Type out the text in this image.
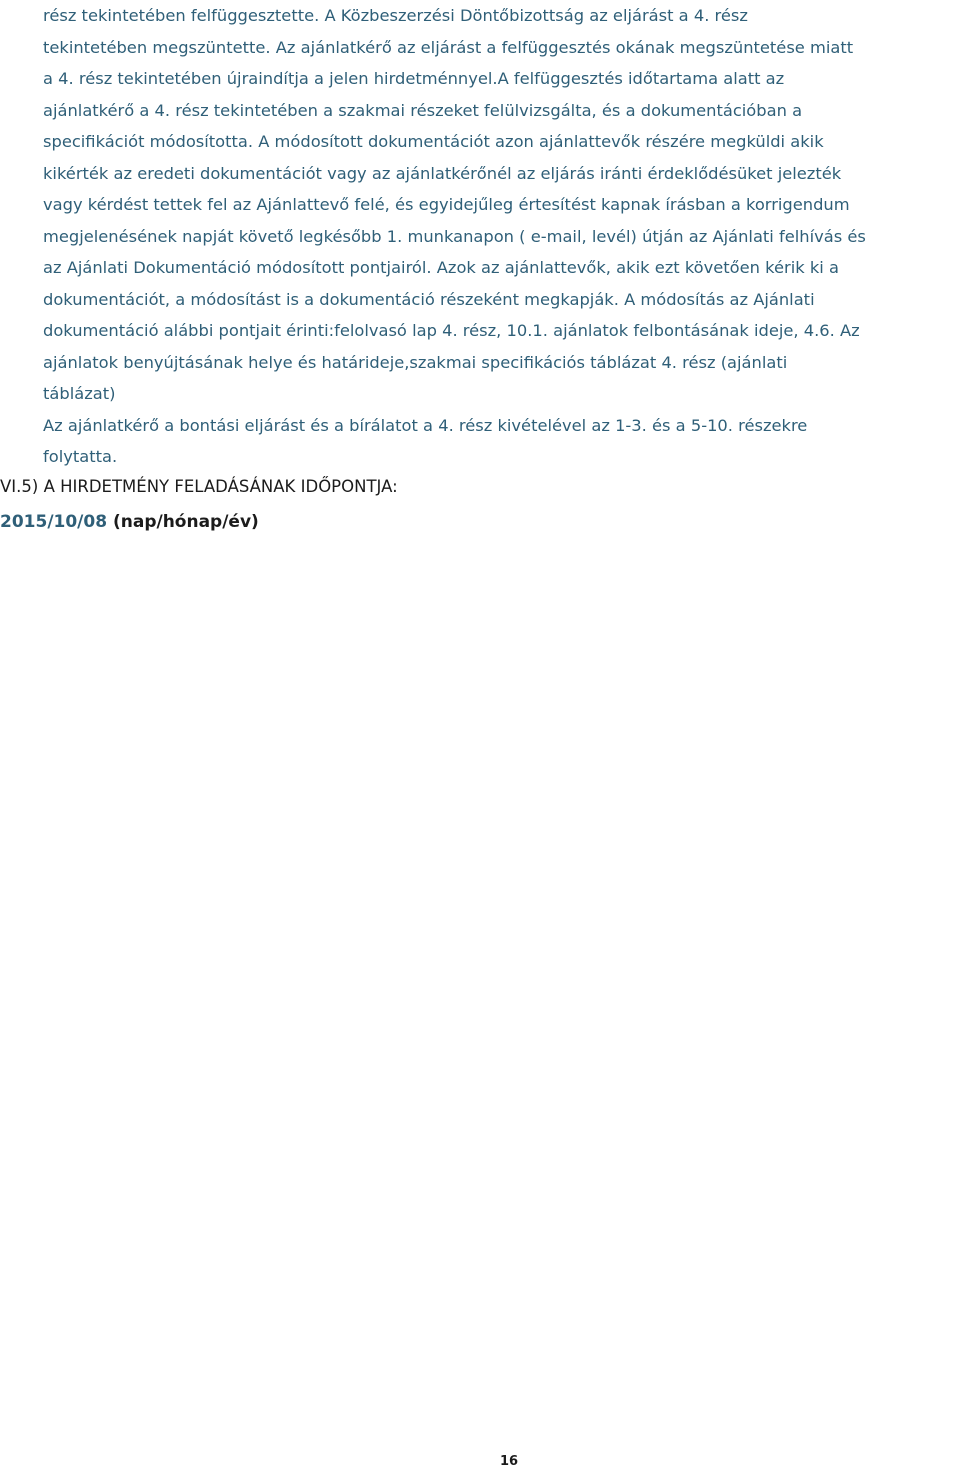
rész tekintetében felfüggesztette. A Közbeszerzési Döntőbizottság az eljárást a 4. rész
tekintetében megszüntette. Az ajánlatkérő az eljárást a felfüggesztés okának megszüntetése miatt
a 4. rész tekintetében újraindítja a jelen hirdetménnyel.A felfüggesztés időtartama alatt az
ajánlatkérő a 4. rész tekintetében a szakmai részeket felülvizsgálta, és a dokumentációban a
specifikációt módosította. A módosított dokumentációt azon ajánlattevők részére megküldi akik
kikérték az eredeti dokumentációt vagy az ajánlatkérőnél az eljárás iránti érdeklődésüket jelezték
vagy kérdést tettek fel az Ajánlattevő felé, és egyidejűleg értesítést kapnak írásban a korrigendum
megjelenésének napját követő legkésőbb 1. munkanapon ( e-mail, levél) útján az Ajánlati felhívás és
az Ajánlati Dokumentáció módosított pontjairól. Azok az ajánlattevők, akik ezt követően kérik ki a
dokumentációt, a módosítást is a dokumentáció részeként megkapják. A módosítás az Ajánlati
dokumentáció alábbi pontjait érinti:felolvasó lap 4. rész, 10.1. ajánlatok felbontásának ideje, 4.6. Az
ajánlatok benyújtásának helye és határideje,szakmai specifikációs táblázat 4. rész (ajánlati
táblázat)
Az ajánlatkérő a bontási eljárást és a bírálatot a 4. rész kivételével az 1-3. és a 5-10. részekre
folytatta.
VI.5) A HIRDETMÉNY FELADÁSÁNAK IDŐPONTJA:
2015/10/08 (nap/hónap/év)
16
